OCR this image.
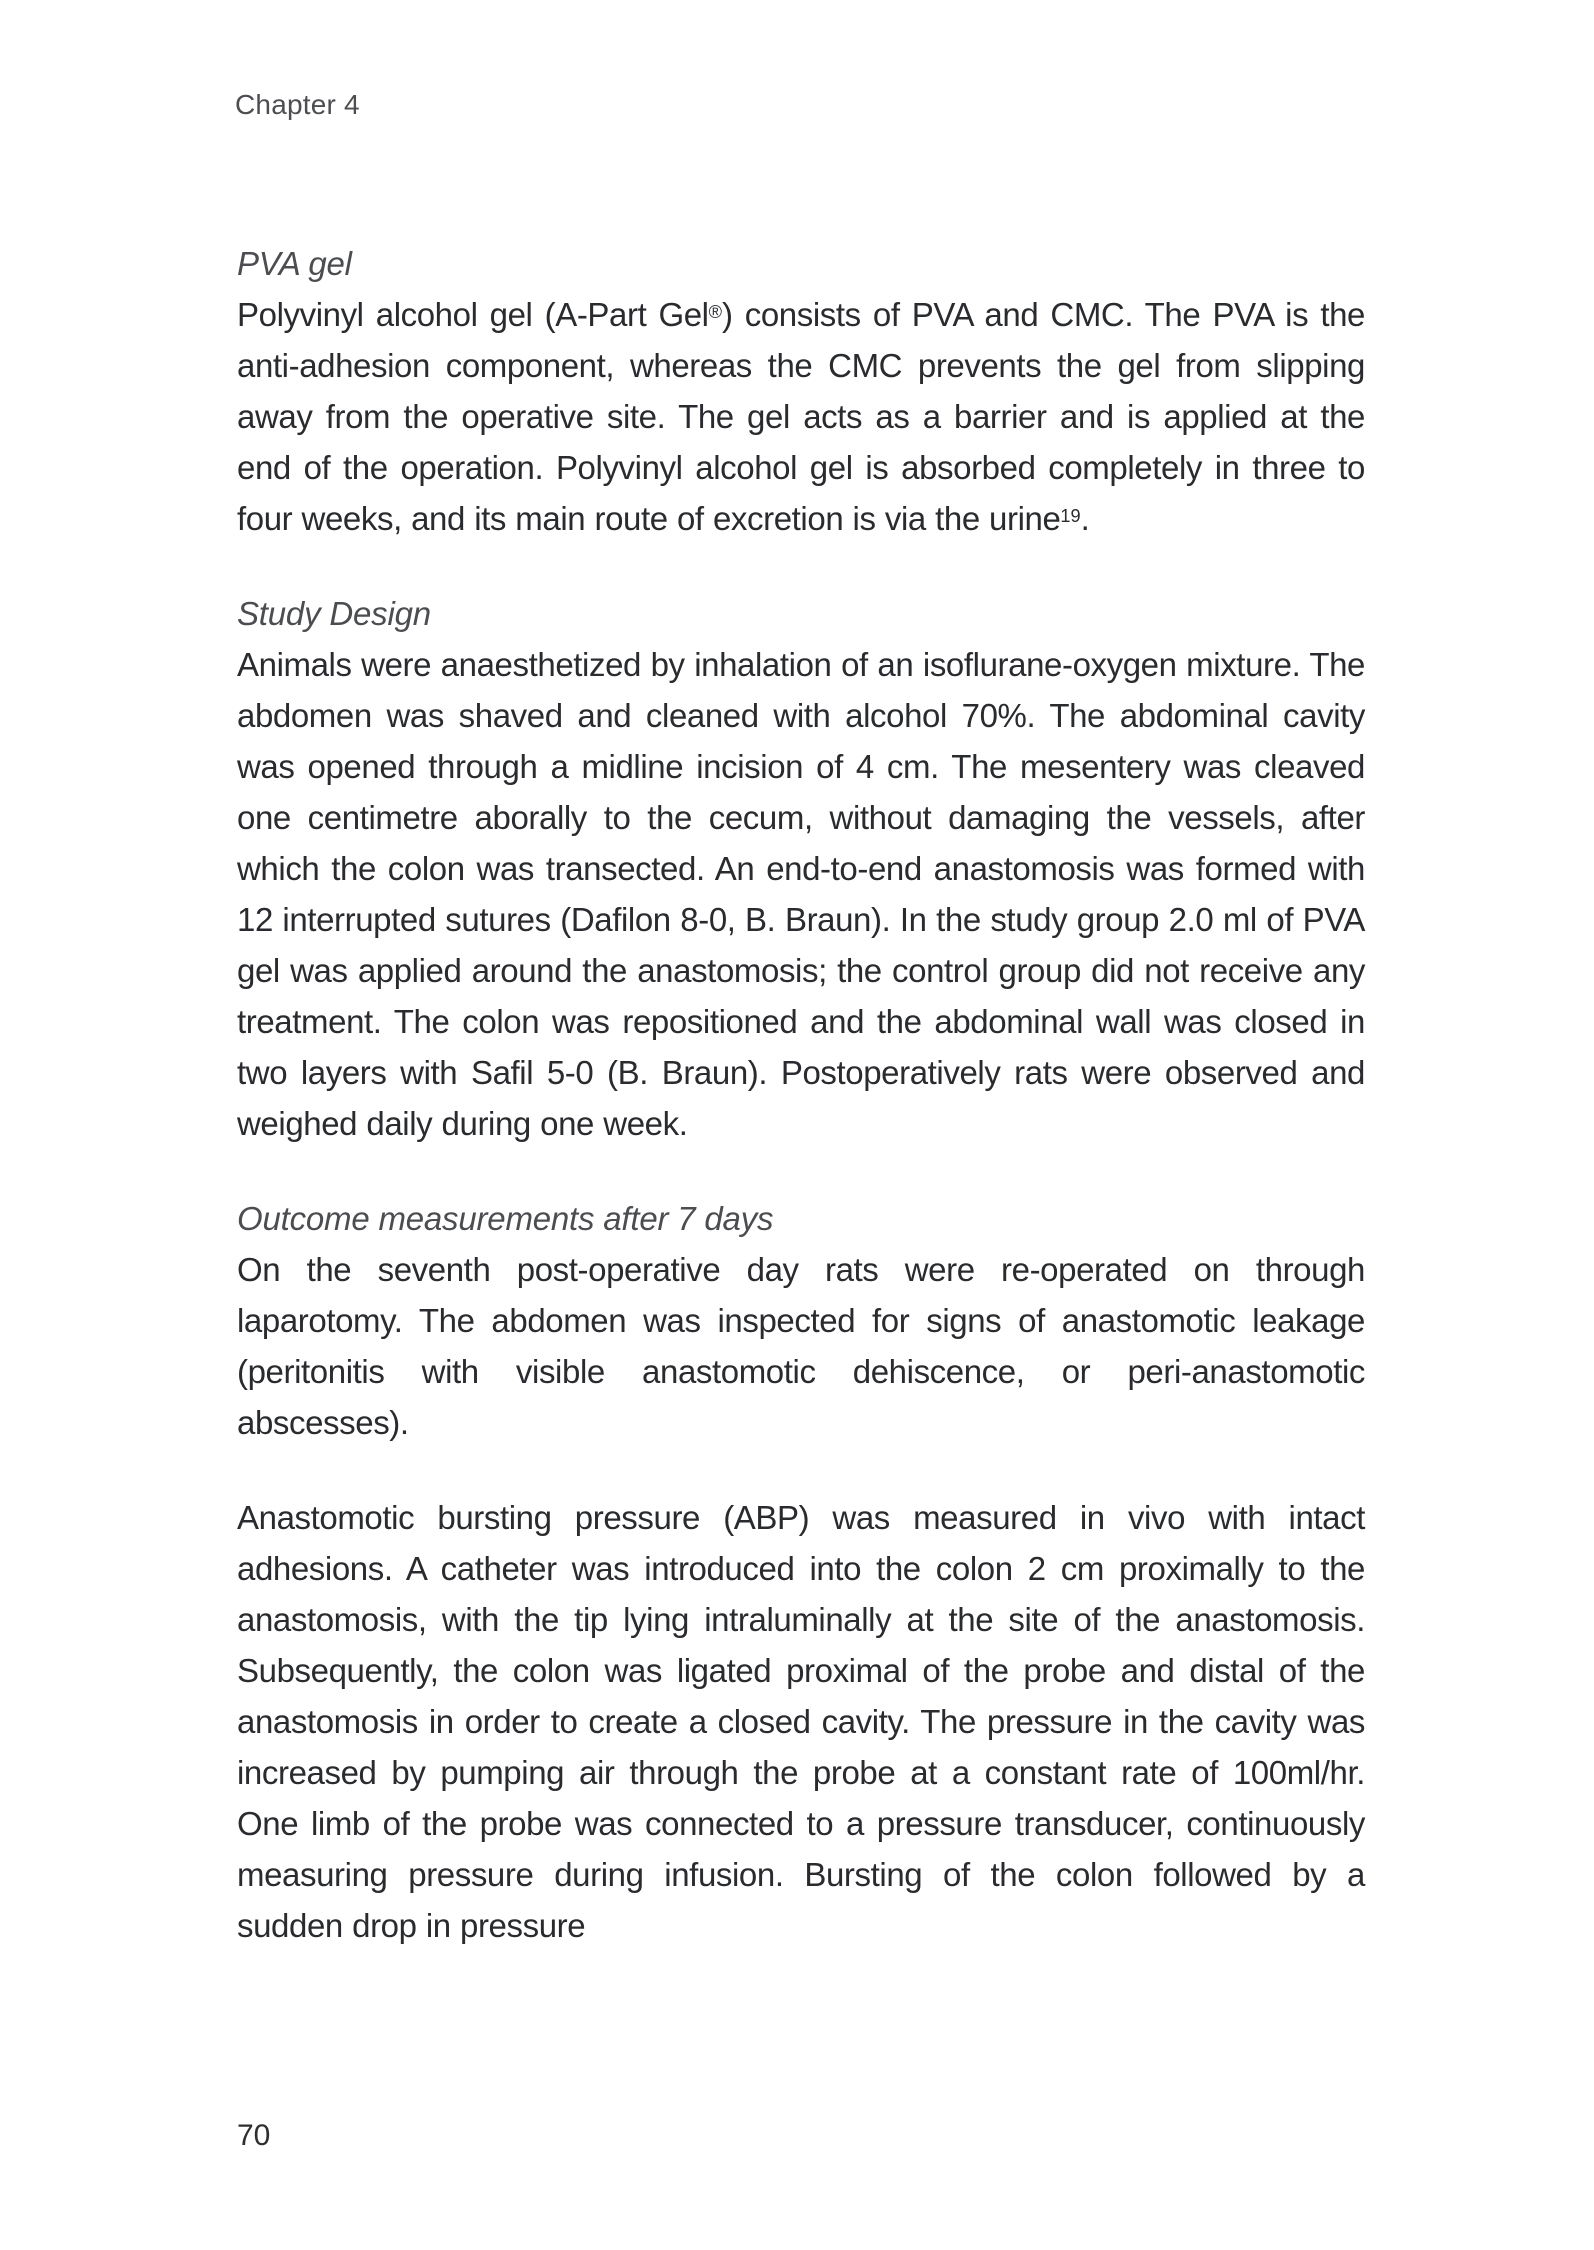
Chapter 4
PVA gel

Polyvinyl alcohol gel (A-Part Gel®) consists of PVA and CMC. The PVA is the anti-adhesion component, whereas the CMC prevents the gel from slipping away from the operative site. The gel acts as a barrier and is applied at the end of the operation. Polyvinyl alcohol gel is absorbed completely in three to four weeks, and its main route of excretion is via the urine$^{19}$.

Study Design

Animals were anaesthetized by inhalation of an isoflurane-oxygen mixture. The abdomen was shaved and cleaned with alcohol 70%. The abdominal cavity was opened through a midline incision of 4 cm. The mesentery was cleaved one centimetre aborally to the cecum, without damaging the vessels, after which the colon was transected. An end-to-end anastomosis was formed with 12 interrupted sutures (Dafilon 8-0, B. Braun). In the study group 2.0 ml of PVA gel was applied around the anastomosis; the control group did not receive any treatment. The colon was repositioned and the abdominal wall was closed in two layers with Safil 5-0 (B. Braun). Postoperatively rats were observed and weighed daily during one week.

Outcome measurements after 7 days

On the seventh post-operative day rats were re-operated on through laparotomy. The abdomen was inspected for signs of anastomotic leakage (peritonitis with visible anastomotic dehiscence, or peri-anastomotic abscesses).

Anastomotic bursting pressure (ABP) was measured in vivo with intact adhesions. A catheter was introduced into the colon 2 cm proximally to the anastomosis, with the tip lying intraluminally at the site of the anastomosis. Subsequently, the colon was ligated proximal of the probe and distal of the anastomosis in order to create a closed cavity. The pressure in the cavity was increased by pumping air through the probe at a constant rate of 100ml/hr. One limb of the probe was connected to a pressure transducer, continuously measuring pressure during infusion. Bursting of the colon followed by a sudden drop in pressure

70
